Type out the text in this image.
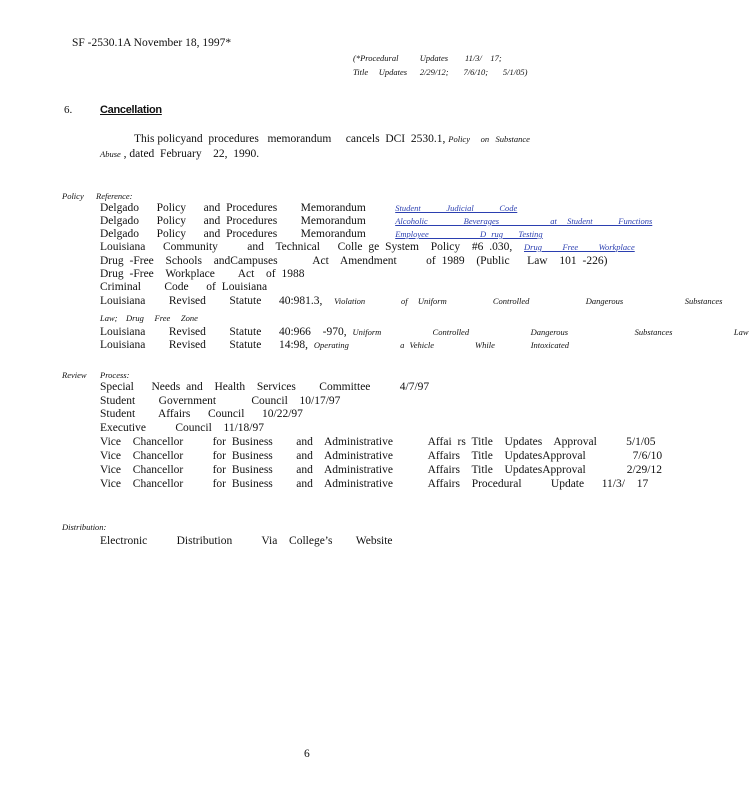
SF -2530.1A November 18, 1997*
(*Procedural          Updates        11/3/    17;
Title     Updates      2/29/12;       7/6/10;       5/1/05)
6.	Cancellation
This policyand  procedures   memorandum     cancels  DCI  2530.1, Policy     on   Substance
Abuse , dated  February    22,  1990.
Policy Reference:
Delgado   Policy   and Procedures    Memorandum	Student     Judicial     Code
Delgado   Policy   and Procedures    Memorandum	Alcoholic       Beverages          at  Student     Functions
Delgado   Policy   and Procedures    Memorandum	Employee          D rug   Testing
Louisiana   Community     and  Technical   Colle ge System  Policy  #6 .030, Drug    Free    Workplace
Drug -Free  Schools  andCampuses      Act  Amendment     of 1989  (Public   Law  101 -226)
Drug -Free  Workplace    Act  of 1988
Criminal    Code   of Louisiana
Louisiana    Revised    Statute   40:981.3, Violation       of  Uniform         Controlled           Dangerous            Substances
Law;    Drug     Free     Zone
Louisiana    Revised    Statute   40:966  -970, Uniform          Controlled            Dangerous             Substances            Law
Louisiana    Revised    Statute   14:98, Operating          a Vehicle        While       Intoxicated
Review Process:
Special   Needs and  Health  Services    Committee     4/7/97
Student    Government      Council  10/17/97
Student    Affairs   Council   10/22/97
Executive     Council  11/18/97
Vice  Chancellor     for Business    and  Administrative      Affai rs Title  Updates  Approval     5/1/05
Vice  Chancellor     for Business    and  Administrative      Affairs  Title  UpdatesApproval        7/6/10
Vice  Chancellor     for Business    and  Administrative      Affairs  Title  UpdatesApproval       2/29/12
Vice  Chancellor     for Business    and  Administrative      Affairs  Procedural     Update   11/3/  17
Distribution:
Electronic     Distribution     Via  College’s    Website
6
